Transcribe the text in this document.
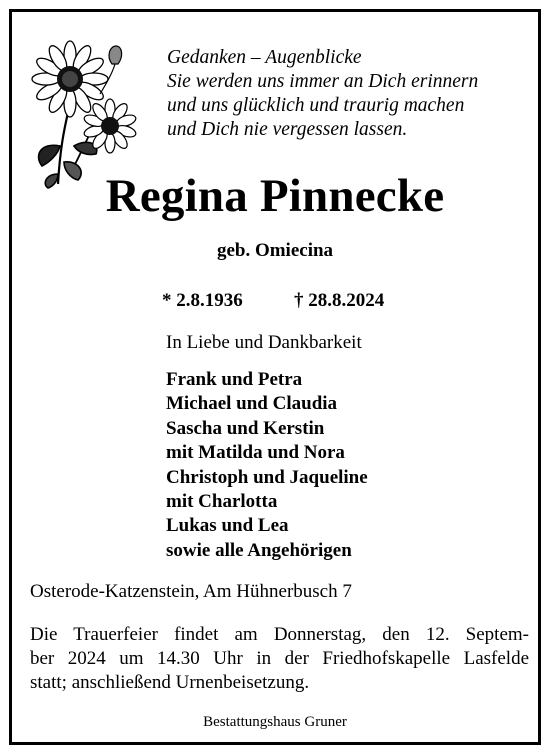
Gedanken – Augenblicke
Sie werden uns immer an Dich erinnern
und uns glücklich und traurig machen
und Dich nie vergessen lassen.
Regina Pinnecke
geb. Omiecina
* 2.8.1936	† 28.8.2024
In Liebe und Dankbarkeit
Frank und Petra
Michael und Claudia
Sascha und Kerstin
mit Matilda und Nora
Christoph und Jaqueline
mit Charlotta
Lukas und Lea
sowie alle Angehörigen
Osterode-Katzenstein, Am Hühnerbusch 7
Die Trauerfeier findet am Donnerstag, den 12. Septem-
ber 2024 um 14.30 Uhr in der Friedhofskapelle Lasfelde
statt; anschließend Urnenbeisetzung.
Bestattungshaus Gruner
